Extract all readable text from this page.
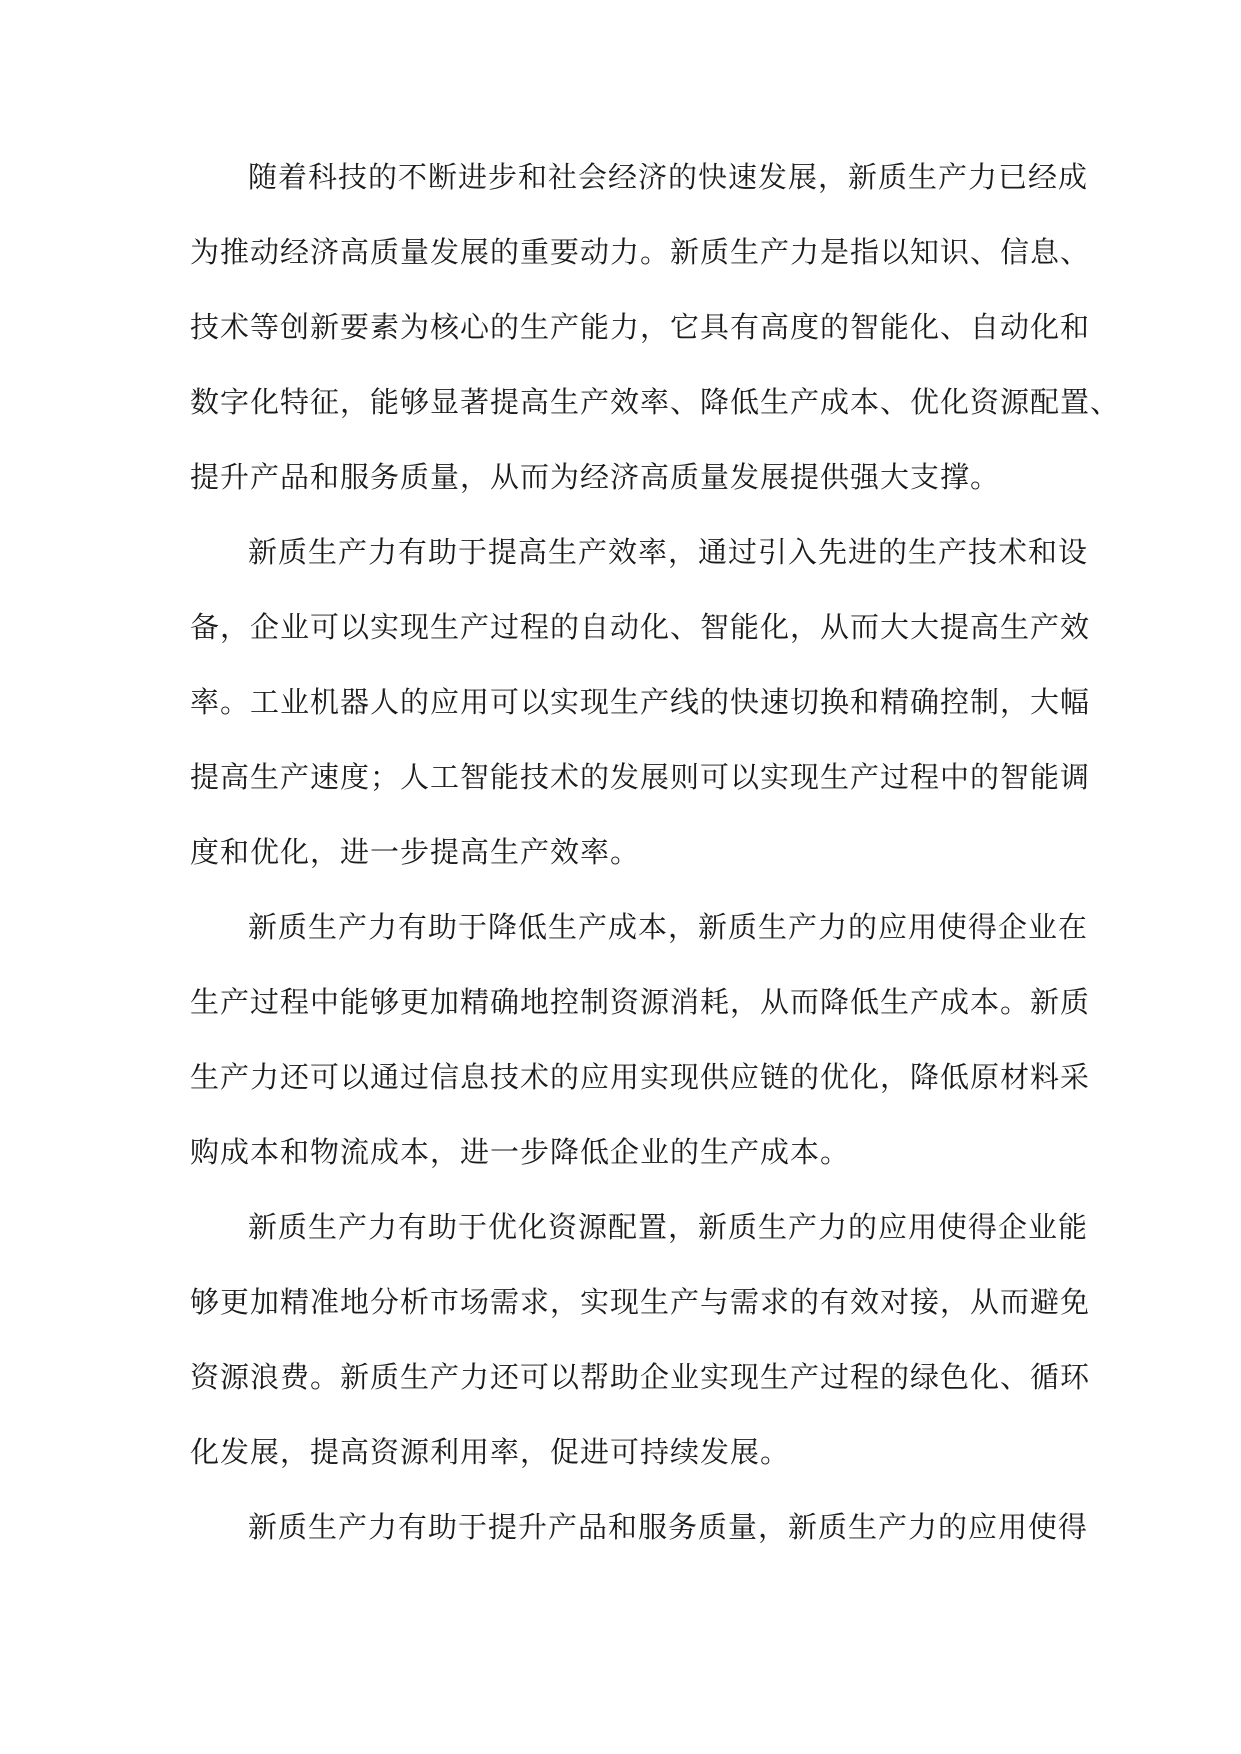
随着科技的不断进步和社会经济的快速发展，新质生产力已经成
为推动经济高质量发展的重要动力。新质生产力是指以知识、信息、
技术等创新要素为核心的生产能力，它具有高度的智能化、自动化和
数字化特征，能够显著提高生产效率、降低生产成本、优化资源配置、
提升产品和服务质量，从而为经济高质量发展提供强大支撑。
新质生产力有助于提高生产效率，通过引入先进的生产技术和设
备，企业可以实现生产过程的自动化、智能化，从而大大提高生产效
率。工业机器人的应用可以实现生产线的快速切换和精确控制，大幅
提高生产速度；人工智能技术的发展则可以实现生产过程中的智能调
度和优化，进一步提高生产效率。
新质生产力有助于降低生产成本，新质生产力的应用使得企业在
生产过程中能够更加精确地控制资源消耗，从而降低生产成本。新质
生产力还可以通过信息技术的应用实现供应链的优化，降低原材料采
购成本和物流成本，进一步降低企业的生产成本。
新质生产力有助于优化资源配置，新质生产力的应用使得企业能
够更加精准地分析市场需求，实现生产与需求的有效对接，从而避免
资源浪费。新质生产力还可以帮助企业实现生产过程的绿色化、循环
化发展，提高资源利用率，促进可持续发展。
新质生产力有助于提升产品和服务质量，新质生产力的应用使得
